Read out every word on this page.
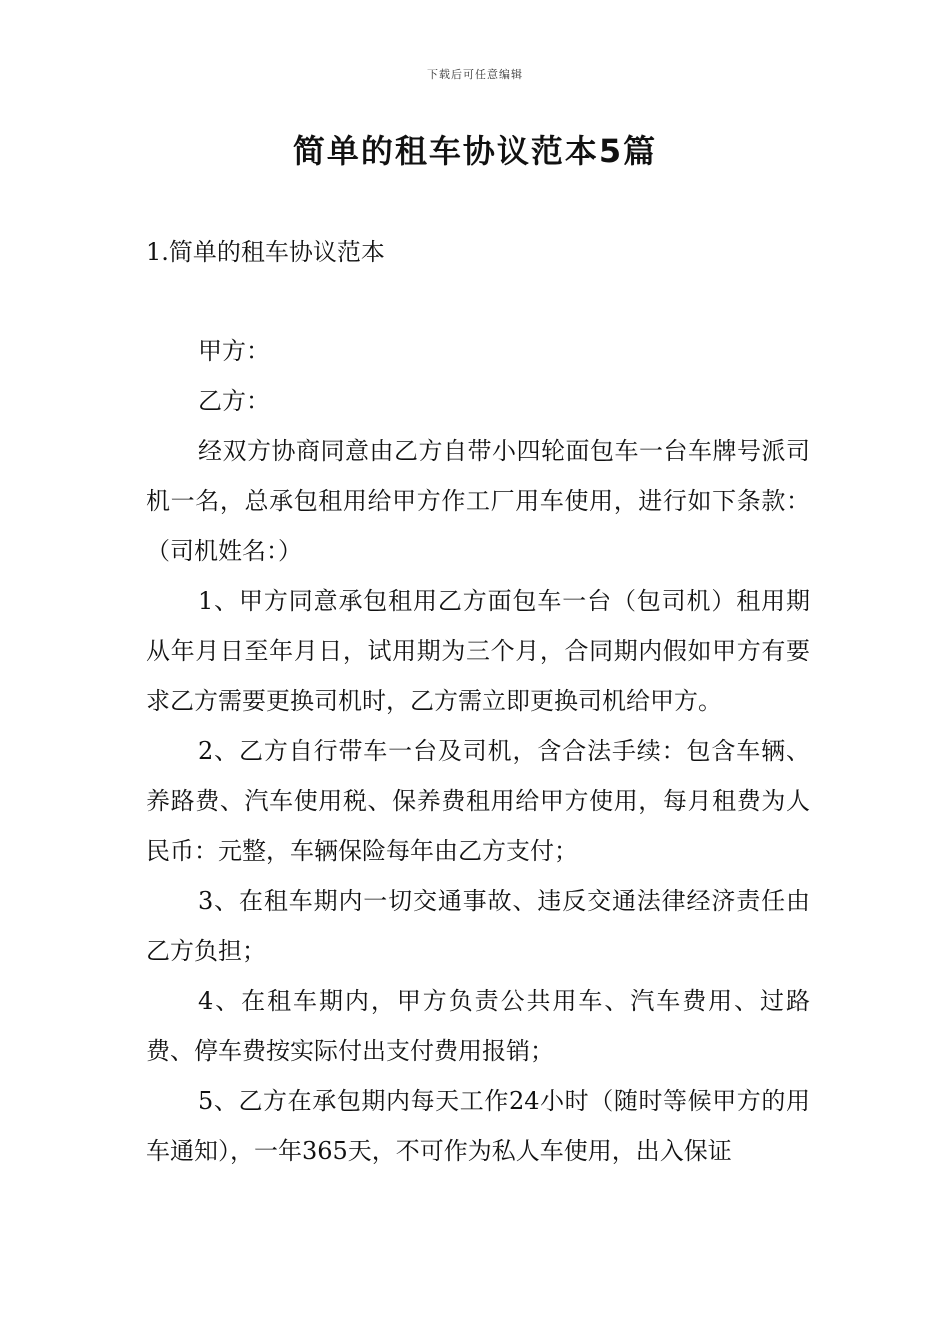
下载后可任意编辑
简单的租车协议范本5篇
1.简单的租车协议范本

甲方：

乙方：

经双方协商同意由乙方自带小四轮面包车一台车牌号派司机一名，总承包租用给甲方作工厂用车使用，进行如下条款：（司机姓名：）

1、甲方同意承包租用乙方面包车一台（包司机）租用期从年月日至年月日，试用期为三个月，合同期内假如甲方有要求乙方需要更换司机时，乙方需立即更换司机给甲方。

2、乙方自行带车一台及司机，含合法手续：包含车辆、养路费、汽车使用税、保养费租用给甲方使用，每月租费为人民币：元整，车辆保险每年由乙方支付；

3、在租车期内一切交通事故、违反交通法律经济责任由乙方负担；

4、在租车期内，甲方负责公共用车、汽车费用、过路费、停车费按实际付出支付费用报销；

5、乙方在承包期内每天工作24小时（随时等候甲方的用车通知），一年365天，不可作为私人车使用，出入保证
